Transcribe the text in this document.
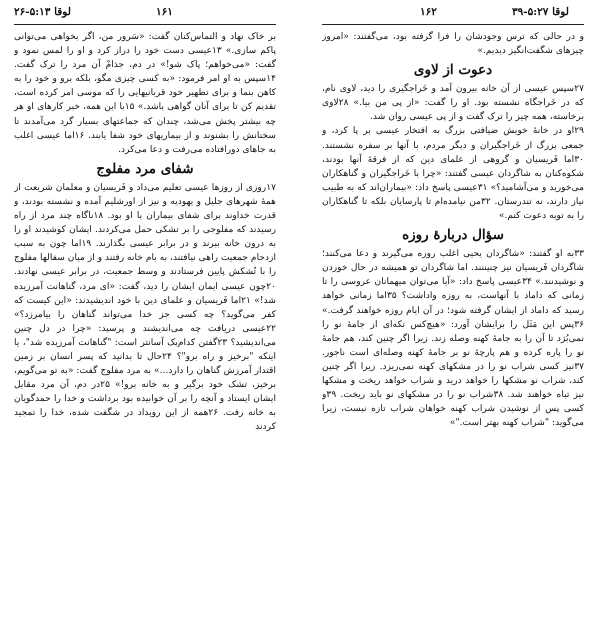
لوقا ۵:۱۳-۲۶	۱۶۱	۱۶۲	لوقا ۵:۲۷-۳۹

بر خاک نهاد و التماس‌کنان گفت: «سَرور من، اگر بخواهی می‌توانی پاکم سازی.» ۱۳عیسی دست خود را دراز کرد و او را لمس نمود و گفت: «می‌خواهم؛ پاک شو!» در دم، جذامْ آن مرد را ترک گفت. ۱۴سپس به او امر فرمود: «به کسی چیزی مگو، بلکه برو و خود را به کاهن بنما و برای تطهیر خود قربانیهایی را که موسی امر کرده است، تقدیم کن تا برای آنان گواهی باشد.» ۱۵با این همه، خبر کارهای او هر چه بیشتر پخش می‌شد، چندان که جماعتهای بسیار گرد می‌آمدند تا سخنانش را بشنوند و از بیماریهای خود شفا یابند. ۱۶اما عیسی اغلب به جاهای دورافتاده می‌رفت و دعا می‌کرد.

شفای مرد مفلوج

۱۷روزی از روزها عیسی تعلیم می‌داد و فَریسیان و معلمان شریعت از همهٔ شهرهای جلیل و یهودیه و نیز از اورشلیم آمده و نشسته بودند، و قدرت خداوند برای شفای بیماران با او بود. ۱۸ناگاه چند مرد از راه رسیدند که مفلوجی را بر تشکی حمل می‌کردند. ایشان کوشیدند او را به درون خانه ببرند و در برابر عیسی بگذارند. ۱۹اما چون به سبب ازدحام جمعیت راهی نیافتند، به بام خانه رفتند و از میان سفالها مفلوج را با تُشکش پایین فرستادند و وسط جمعیت، در برابر عیسی نهادند. ۲۰چون عیسی ایمان ایشان را دید، گفت: «ای مرد، گناهانت آمرزیده شد!» ۲۱اما فَریسیان و علمای دین با خود اندیشیدند: «این کیست که کفر می‌گوید؟ چه کسی جز خدا می‌تواند گناهان را بیامرزد؟» ۲۲عیسی دریافت چه می‌اندیشند و پرسید: «چرا در دل چنین می‌اندیشید؟ ۲۳گفتن کدام‌یک آسانتر است: "گناهانت آمرزیده شد"، یا اینکه "برخیز و راه برو"؟ ۲۴حال تا بدانید که پسر انسان بر زمین اقتدار آمرزش گناهان را دارد...» به مرد مفلوج گفت: «به تو می‌گویم، برخیز، تشک خود برگیر و به خانه برو!» ۲۵در دم، آن مرد مقابل ایشان ایستاد و آنچه را بر آن خوابیده بود برداشت و خدا را حمدگویان به خانه رفت. ۲۶همه از این رویداد در شگفت شده، خدا را تمجید کردند

و در حالی که ترس وجودشان را فرا گرفته بود، می‌گفتند: «امروز چیزهای شگفت‌انگیز دیدیم.»

دعوت از لاوی

۲۷سپس عیسی از آن خانه بیرون آمد و خَراجگیری را دید، لاوی نام، که در خَراجگاه نشسته بود. او را گفت: «از پی من بیا.» ۲۸لاوی برخاسته، همه چیز را ترک گفت و از پی عیسی روان شد.

۲۹او در خانهٔ خویش ضیافتی بزرگ به افتخار عیسی بر پا کرد، و جمعی بزرگ از خَراجگیران و دیگر مردم، با آنها بر سفره نشستند. ۳۰اما فَریسیان و گروهی از علمای دین که از فرقهٔ آنها بودند، شکوه‌کنان به شاگردان عیسی گفتند: «چرا با خَراجگیران و گناهکاران می‌خورید و می‌آشامید؟» ۳۱عیسی پاسخ داد: «بیماران‌اند که به طبیب نیاز دارند، نه تندرستان. ۳۲من نیامده‌ام تا پارسایان بلکه تا گناهکاران را به توبه دعوت کنم.»

سؤال دربارهٔ روزه

۳۳به او گفتند: «شاگردان یحیی اغلب روزه می‌گیرند و دعا می‌کنند؛ شاگردان فَریسیان نیز چنیننند. اما شاگردان تو همیشه در حال خوردن و نوشیدنند.» ۳۴عیسی پاسخ داد: «آیا می‌توان میهمانان عروسی را تا زمانی که داماد با آنهاست، به روزه واداشت؟ ۳۵اما زمانی خواهد رسید که داماد از ایشان گرفته شود؛ در آن ایام روزه خواهند گرفت.» ۳۶پس این مَثَل را برایشان آورد: «هیچ‌کس تکه‌ای از جامهٔ نو را نمی‌بُرَد تا آن را به جامهٔ کهنه وصله زند. زیرا اگر چنین کند، هم جامهٔ نو را پاره کرده و هم پارچهٔ نو بر جامهٔ کهنه وصله‌ای است ناجور. ۳۷نیز کسی شراب نو را در مشکهای کهنه نمی‌ریزد. زیرا اگر چنین کند، شراب نو مشکها را خواهد درید و شراب خواهد ریخت و مشکها نیز تباه خواهند شد. ۳۸شراب نو را در مشکهای نو باید ریخت. ۳۹و کسی پس از نوشیدن شراب کهنه خواهان شراب تازه نیست، زیرا می‌گوید: "شراب کهنه بهتر است."»
